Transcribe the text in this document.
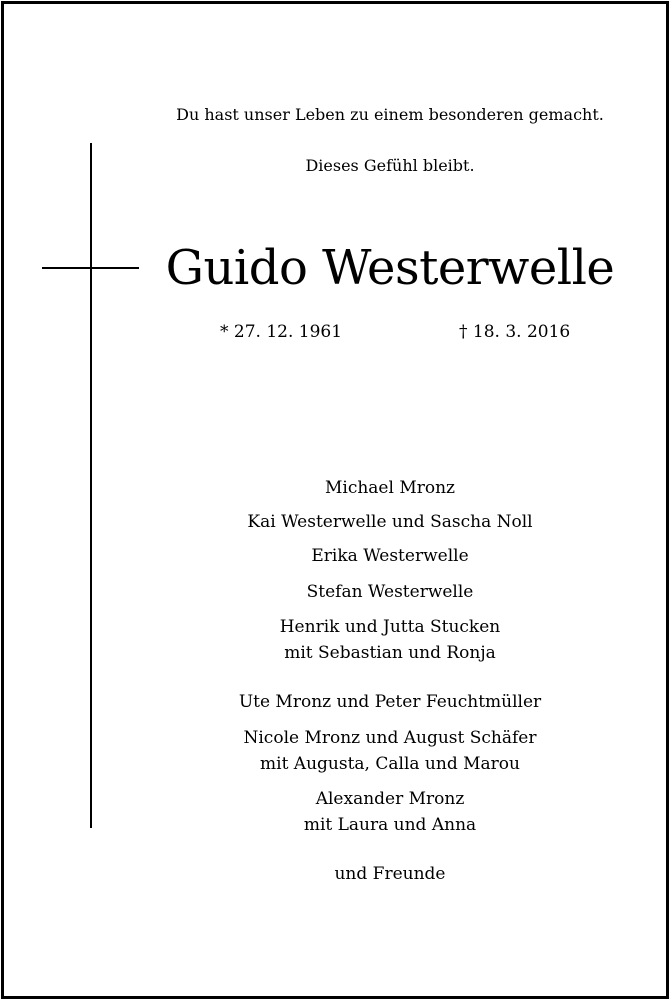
Du hast unser Leben zu einem besonderen gemacht.
Dieses Gefühl bleibt.
Guido Westerwelle
* 27. 12. 1961	† 18. 3. 2016
Michael Mronz
Kai Westerwelle und Sascha Noll
Erika Westerwelle
Stefan Westerwelle
Henrik und Jutta Stucken
mit Sebastian und Ronja
Ute Mronz und Peter Feuchtmüller
Nicole Mronz und August Schäfer
mit Augusta, Calla und Marou
Alexander Mronz
mit Laura und Anna
und Freunde
